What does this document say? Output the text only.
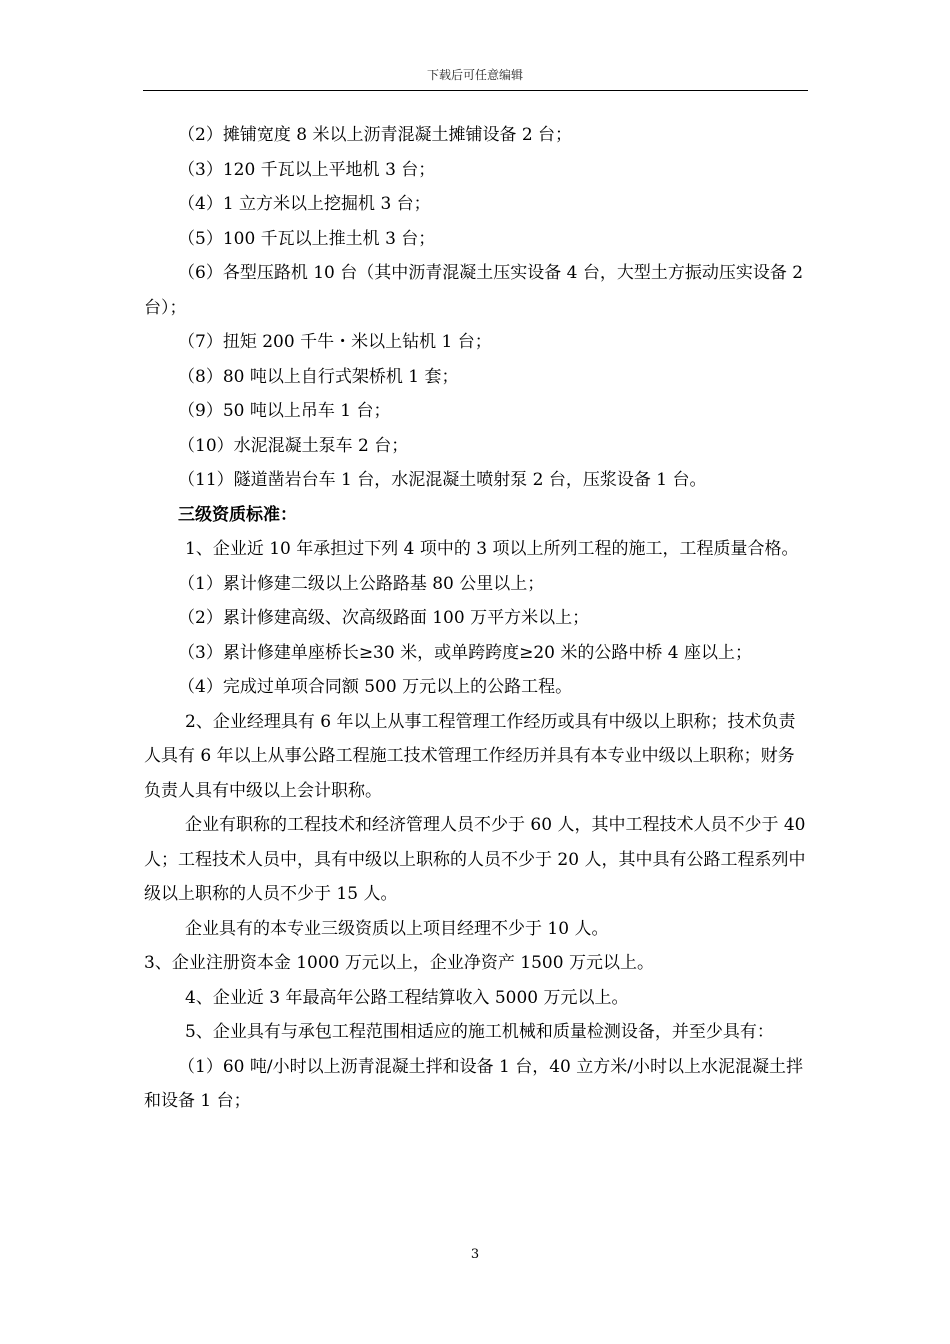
下载后可任意编辑

（2）摊铺宽度 8 米以上沥青混凝土摊铺设备 2 台；

（3）120 千瓦以上平地机 3 台；

（4）1 立方米以上挖掘机 3 台；

（5）100 千瓦以上推土机 3 台；

（6）各型压路机 10 台（其中沥青混凝土压实设备 4 台，大型土方振动压实设备 2 台）；

（7）扭矩 200 千牛・米以上钻机 1 台；

（8）80 吨以上自行式架桥机 1 套；

（9）50 吨以上吊车 1 台；

（10）水泥混凝土泵车 2 台；

（11）隧道凿岩台车 1 台，水泥混凝土喷射泵 2 台，压浆设备 1 台。

三级资质标准：

1、企业近 10 年承担过下列 4 项中的 3 项以上所列工程的施工，工程质量合格。

（1）累计修建二级以上公路路基 80 公里以上；

（2）累计修建高级、次高级路面 100 万平方米以上；

（3）累计修建单座桥长≥30 米，或单跨跨度≥20 米的公路中桥 4 座以上；

（4）完成过单项合同额 500 万元以上的公路工程。

2、企业经理具有 6 年以上从事工程管理工作经历或具有中级以上职称；技术负责人具有 6 年以上从事公路工程施工技术管理工作经历并具有本专业中级以上职称；财务负责人具有中级以上会计职称。

企业有职称的工程技术和经济管理人员不少于 60 人，其中工程技术人员不少于 40 人；工程技术人员中，具有中级以上职称的人员不少于 20 人，其中具有公路工程系列中级以上职称的人员不少于 15 人。

企业具有的本专业三级资质以上项目经理不少于 10 人。

3、企业注册资本金 1000 万元以上，企业净资产 1500 万元以上。

4、企业近 3 年最高年公路工程结算收入 5000 万元以上。

5、企业具有与承包工程范围相适应的施工机械和质量检测设备，并至少具有：

（1）60 吨/小时以上沥青混凝土拌和设备 1 台，40 立方米/小时以上水泥混凝土拌和设备 1 台；

3
